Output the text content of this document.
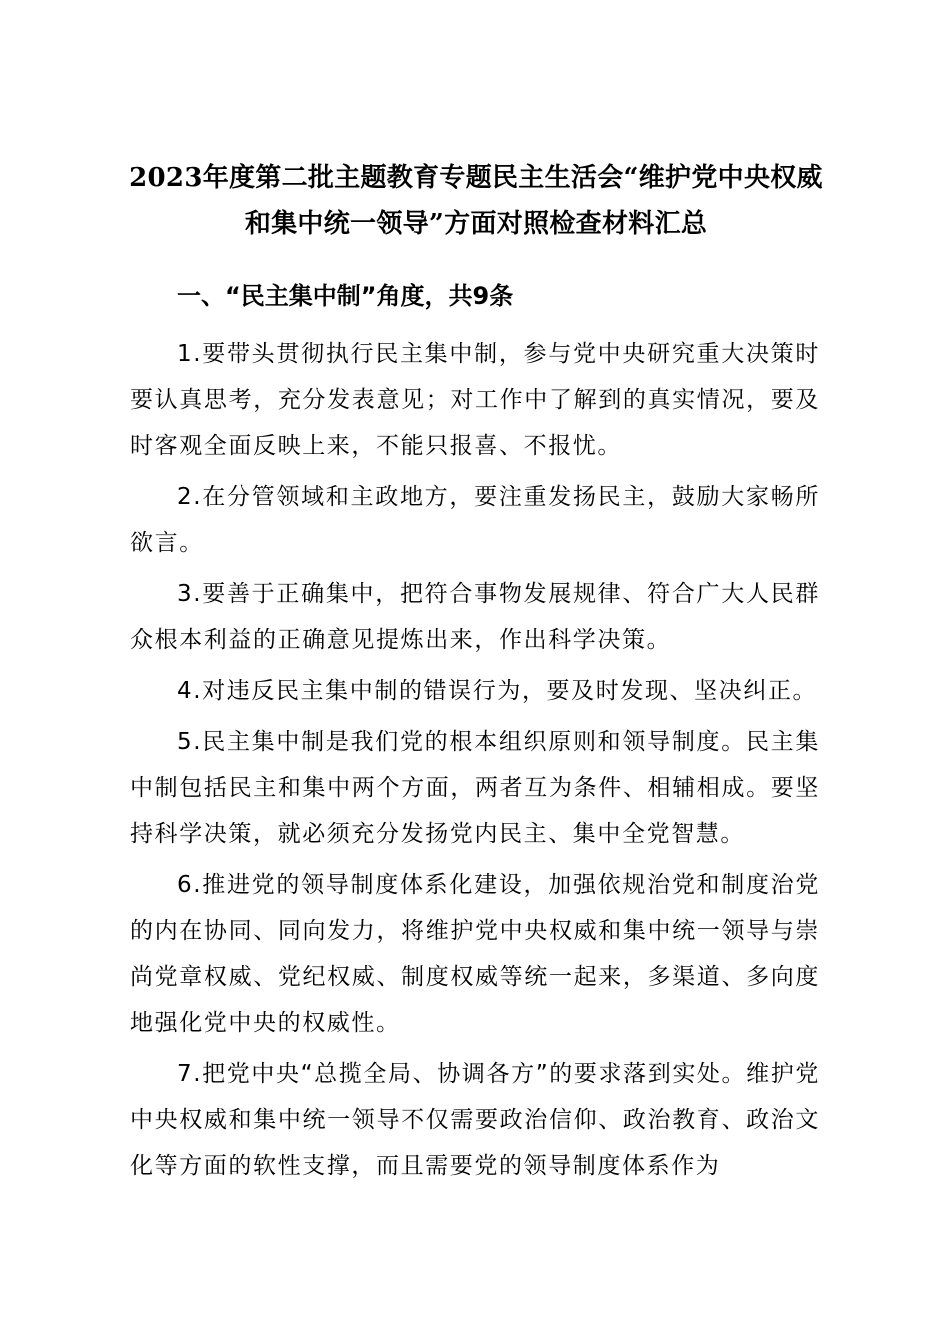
2023年度第二批主题教育专题民主生活会“维护党中央权威和集中统一领导”方面对照检查材料汇总

一、“民主集中制”角度，共9条

1.要带头贯彻执行民主集中制，参与党中央研究重大决策时要认真思考，充分发表意见；对工作中了解到的真实情况，要及时客观全面反映上来，不能只报喜、不报忧。

2.在分管领域和主政地方，要注重发扬民主，鼓励大家畅所欲言。

3.要善于正确集中，把符合事物发展规律、符合广大人民群众根本利益的正确意见提炼出来，作出科学决策。

4.对违反民主集中制的错误行为，要及时发现、坚决纠正。

5.民主集中制是我们党的根本组织原则和领导制度。民主集中制包括民主和集中两个方面，两者互为条件、相辅相成。要坚持科学决策，就必须充分发扬党内民主、集中全党智慧。

6.推进党的领导制度体系化建设，加强依规治党和制度治党的内在协同、同向发力，将维护党中央权威和集中统一领导与崇尚党章权威、党纪权威、制度权威等统一起来，多渠道、多向度地强化党中央的权威性。

7.把党中央“总揽全局、协调各方”的要求落到实处。维护党中央权威和集中统一领导不仅需要政治信仰、政治教育、政治文化等方面的软性支撑，而且需要党的领导制度体系作为
